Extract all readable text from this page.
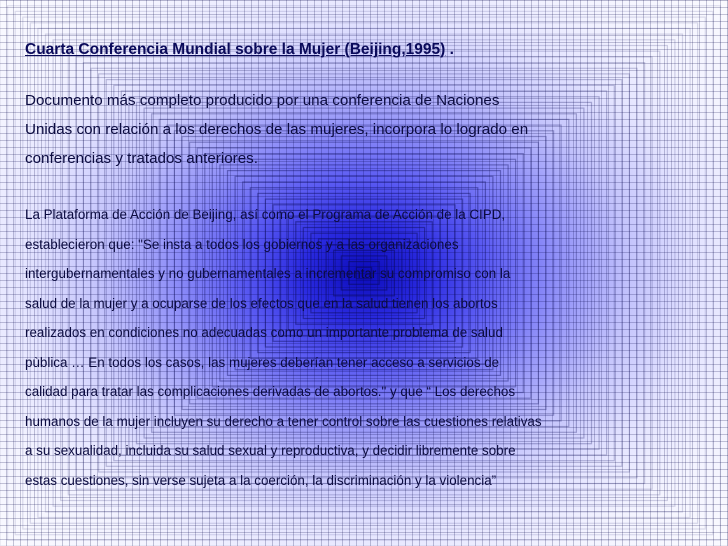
Cuarta Conferencia Mundial sobre la Mujer (Beijing,1995) .

Documento más completo producido por una conferencia de Naciones
Unidas con relación a los derechos de las mujeres, incorpora lo logrado en
conferencias y tratados anteriores.
La Plataforma de Acción de Beijing, así como el Programa de Acción de la CIPD,
establecieron que: "Se insta a todos los gobiernos y a las organizaciones
intergubernamentales y no gubernamentales a incrementar su compromiso con la
salud de la mujer y a ocuparse de los efectos que en la salud tienen los abortos
realizados en condiciones no adecuadas como un importante problema de salud
pùblica … En todos los casos, las mujeres deberían tener acceso a servicios de
calidad para tratar las complicaciones derivadas de abortos." y que “ Los derechos
humanos de la mujer incluyen su derecho a tener control sobre las cuestiones relativas
a su sexualidad, incluida su salud sexual y reproductiva, y decidir libremente sobre
estas cuestiones, sin verse sujeta a la coerción, la discriminación y la violencia”
